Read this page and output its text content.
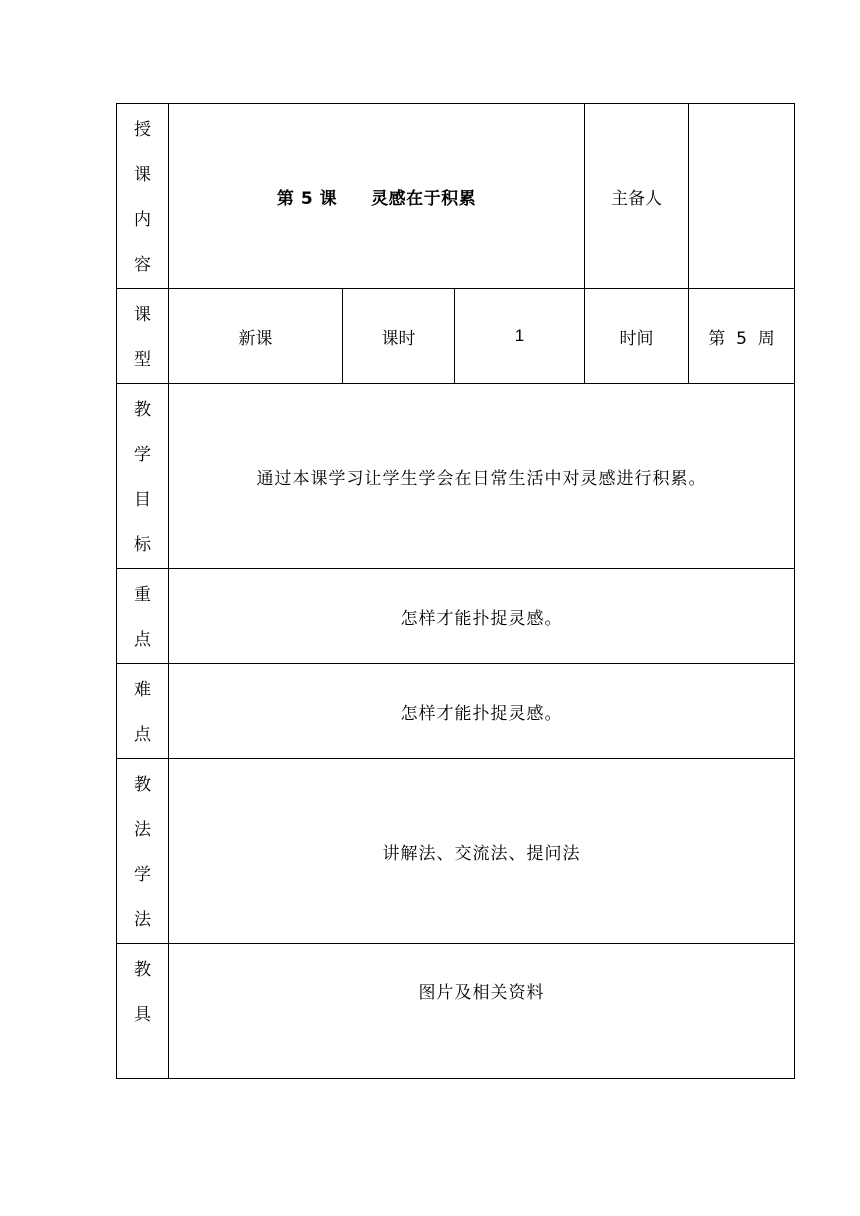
授
课
内
容	第 5 课 灵感在于积累			主备人	

课
型	新课	课时	1	时间	第  5  周

教
学
目
标	通过本课学习让学生学会在日常生活中对灵感进行积累。				

重
点	怎样才能扑捉灵感。				

难
点	怎样才能扑捉灵感。				

教
法
学
法	讲解法、交流法、提问法				

教
具	图片及相关资料				
